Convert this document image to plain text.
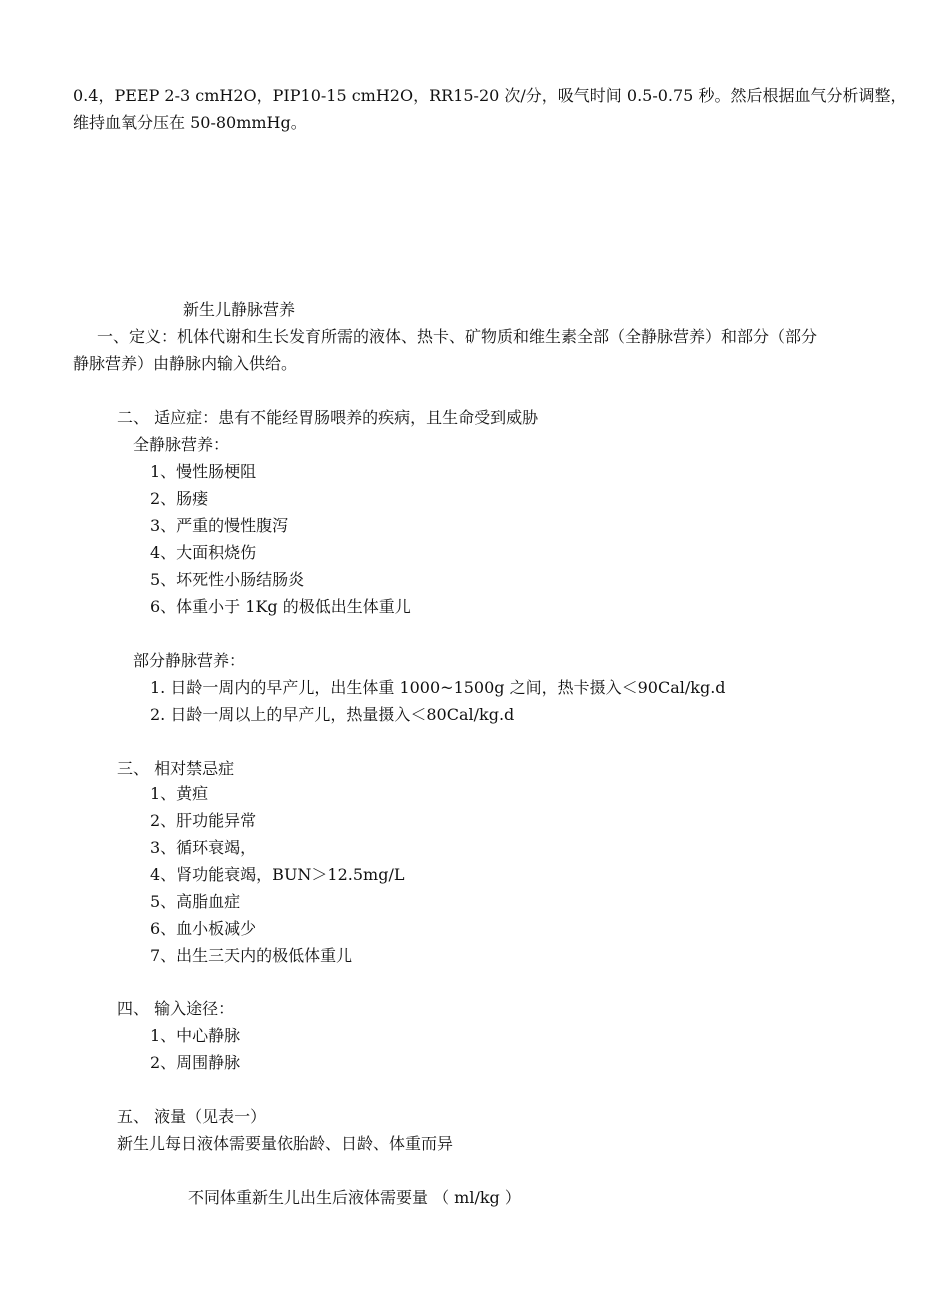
0.4，PEEP 2-3 cmH2O，PIP10-15 cmH2O，RR15-20 次/分，吸气时间 0.5-0.75 秒。然后根据血气分析调整，

维持血氧分压在 50-80mmHg。

新生儿静脉营养

一、定义：机体代谢和生长发育所需的液体、热卡、矿物质和维生素全部（全静脉营养）和部分（部分

静脉营养）由静脉内输入供给。

二、 适应症：患有不能经胃肠喂养的疾病，且生命受到威胁

全静脉营养：

1、慢性肠梗阻

2、肠瘘

3、严重的慢性腹泻

4、大面积烧伤

5、坏死性小肠结肠炎

6、体重小于 1Kg 的极低出生体重儿

部分静脉营养：

1. 日龄一周内的早产儿，出生体重 1000~1500g 之间，热卡摄入＜90Cal/kg.d

2. 日龄一周以上的早产儿，热量摄入＜80Cal/kg.d

三、 相对禁忌症

1、黄疸

2、肝功能异常

3、循环衰竭，

4、肾功能衰竭，BUN＞12.5mg/L

5、高脂血症

6、血小板减少

7、出生三天内的极低体重儿

四、 输入途径：

1、中心静脉

2、周围静脉

五、 液量（见表一）

新生儿每日液体需要量依胎龄、日龄、体重而异

不同体重新生儿出生后液体需要量 （ ml/kg ）
